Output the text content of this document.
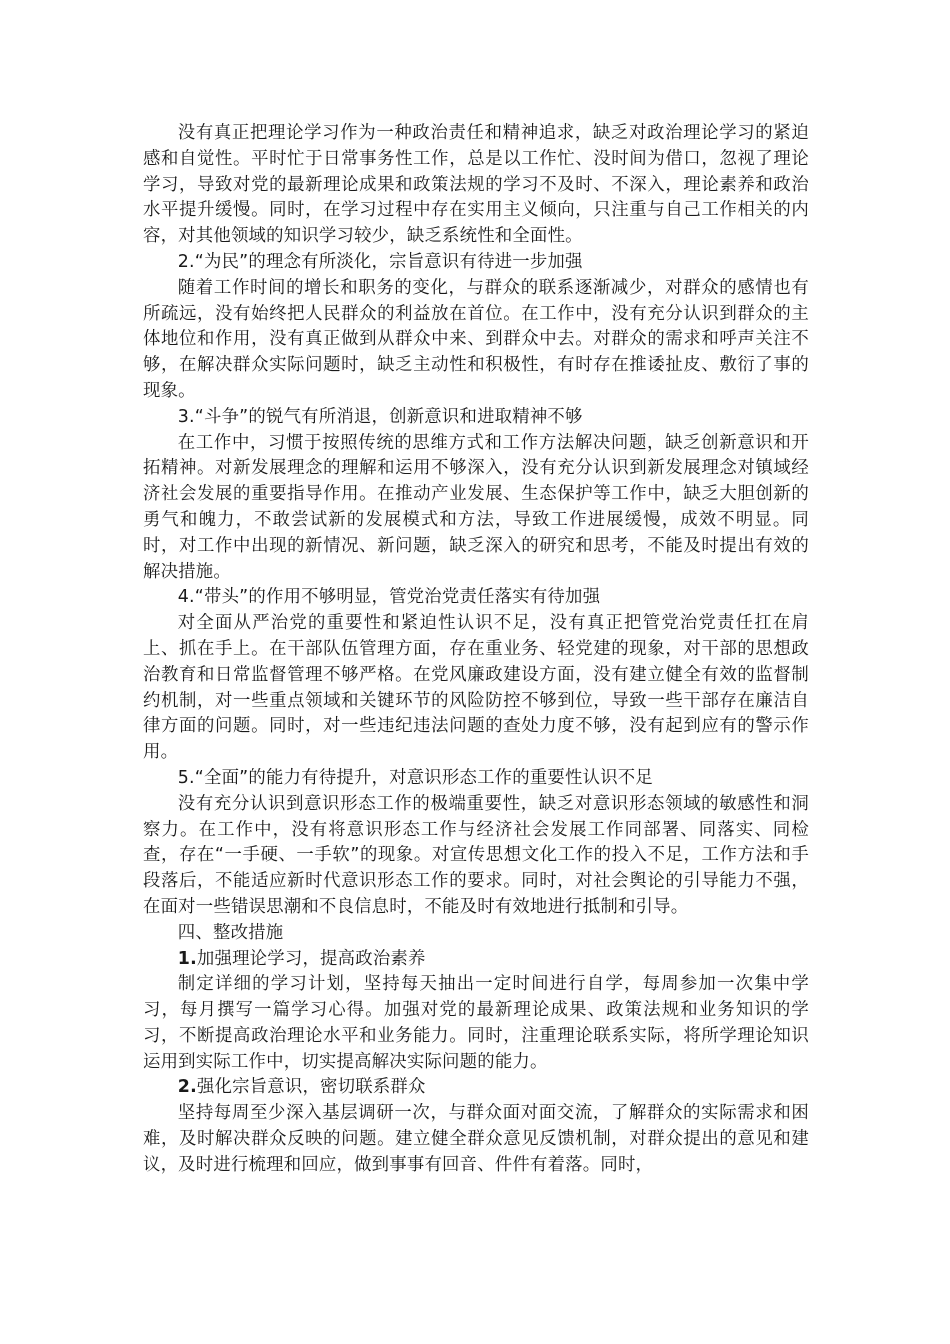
没有真正把理论学习作为一种政治责任和精神追求，缺乏对政治理论学习的紧迫感和自觉性。平时忙于日常事务性工作，总是以工作忙、没时间为借口，忽视了理论学习，导致对党的最新理论成果和政策法规的学习不及时、不深入，理论素养和政治水平提升缓慢。同时，在学习过程中存在实用主义倾向，只注重与自己工作相关的内容，对其他领域的知识学习较少，缺乏系统性和全面性。

2.“为民”的理念有所淡化，宗旨意识有待进一步加强

随着工作时间的增长和职务的变化，与群众的联系逐渐减少，对群众的感情也有所疏远，没有始终把人民群众的利益放在首位。在工作中，没有充分认识到群众的主体地位和作用，没有真正做到从群众中来、到群众中去。对群众的需求和呼声关注不够，在解决群众实际问题时，缺乏主动性和积极性，有时存在推诿扯皮、敷衍了事的现象。

3.“斗争”的锐气有所消退，创新意识和进取精神不够

在工作中，习惯于按照传统的思维方式和工作方法解决问题，缺乏创新意识和开拓精神。对新发展理念的理解和运用不够深入，没有充分认识到新发展理念对镇域经济社会发展的重要指导作用。在推动产业发展、生态保护等工作中，缺乏大胆创新的勇气和魄力，不敢尝试新的发展模式和方法，导致工作进展缓慢，成效不明显。同时，对工作中出现的新情况、新问题，缺乏深入的研究和思考，不能及时提出有效的解决措施。

4.“带头”的作用不够明显，管党治党责任落实有待加强

对全面从严治党的重要性和紧迫性认识不足，没有真正把管党治党责任扛在肩上、抓在手上。在干部队伍管理方面，存在重业务、轻党建的现象，对干部的思想政治教育和日常监督管理不够严格。在党风廉政建设方面，没有建立健全有效的监督制约机制，对一些重点领域和关键环节的风险防控不够到位，导致一些干部存在廉洁自律方面的问题。同时，对一些违纪违法问题的查处力度不够，没有起到应有的警示作用。

5.“全面”的能力有待提升，对意识形态工作的重要性认识不足

没有充分认识到意识形态工作的极端重要性，缺乏对意识形态领域的敏感性和洞察力。在工作中，没有将意识形态工作与经济社会发展工作同部署、同落实、同检查，存在“一手硬、一手软”的现象。对宣传思想文化工作的投入不足，工作方法和手段落后，不能适应新时代意识形态工作的要求。同时，对社会舆论的引导能力不强，在面对一些错误思潮和不良信息时，不能及时有效地进行抵制和引导。

四、整改措施

1.加强理论学习，提高政治素养

制定详细的学习计划，坚持每天抽出一定时间进行自学，每周参加一次集中学习，每月撰写一篇学习心得。加强对党的最新理论成果、政策法规和业务知识的学习，不断提高政治理论水平和业务能力。同时，注重理论联系实际，将所学理论知识运用到实际工作中，切实提高解决实际问题的能力。

2.强化宗旨意识，密切联系群众

坚持每周至少深入基层调研一次，与群众面对面交流，了解群众的实际需求和困难，及时解决群众反映的问题。建立健全群众意见反馈机制，对群众提出的意见和建议，及时进行梳理和回应，做到事事有回音、件件有着落。同时，
